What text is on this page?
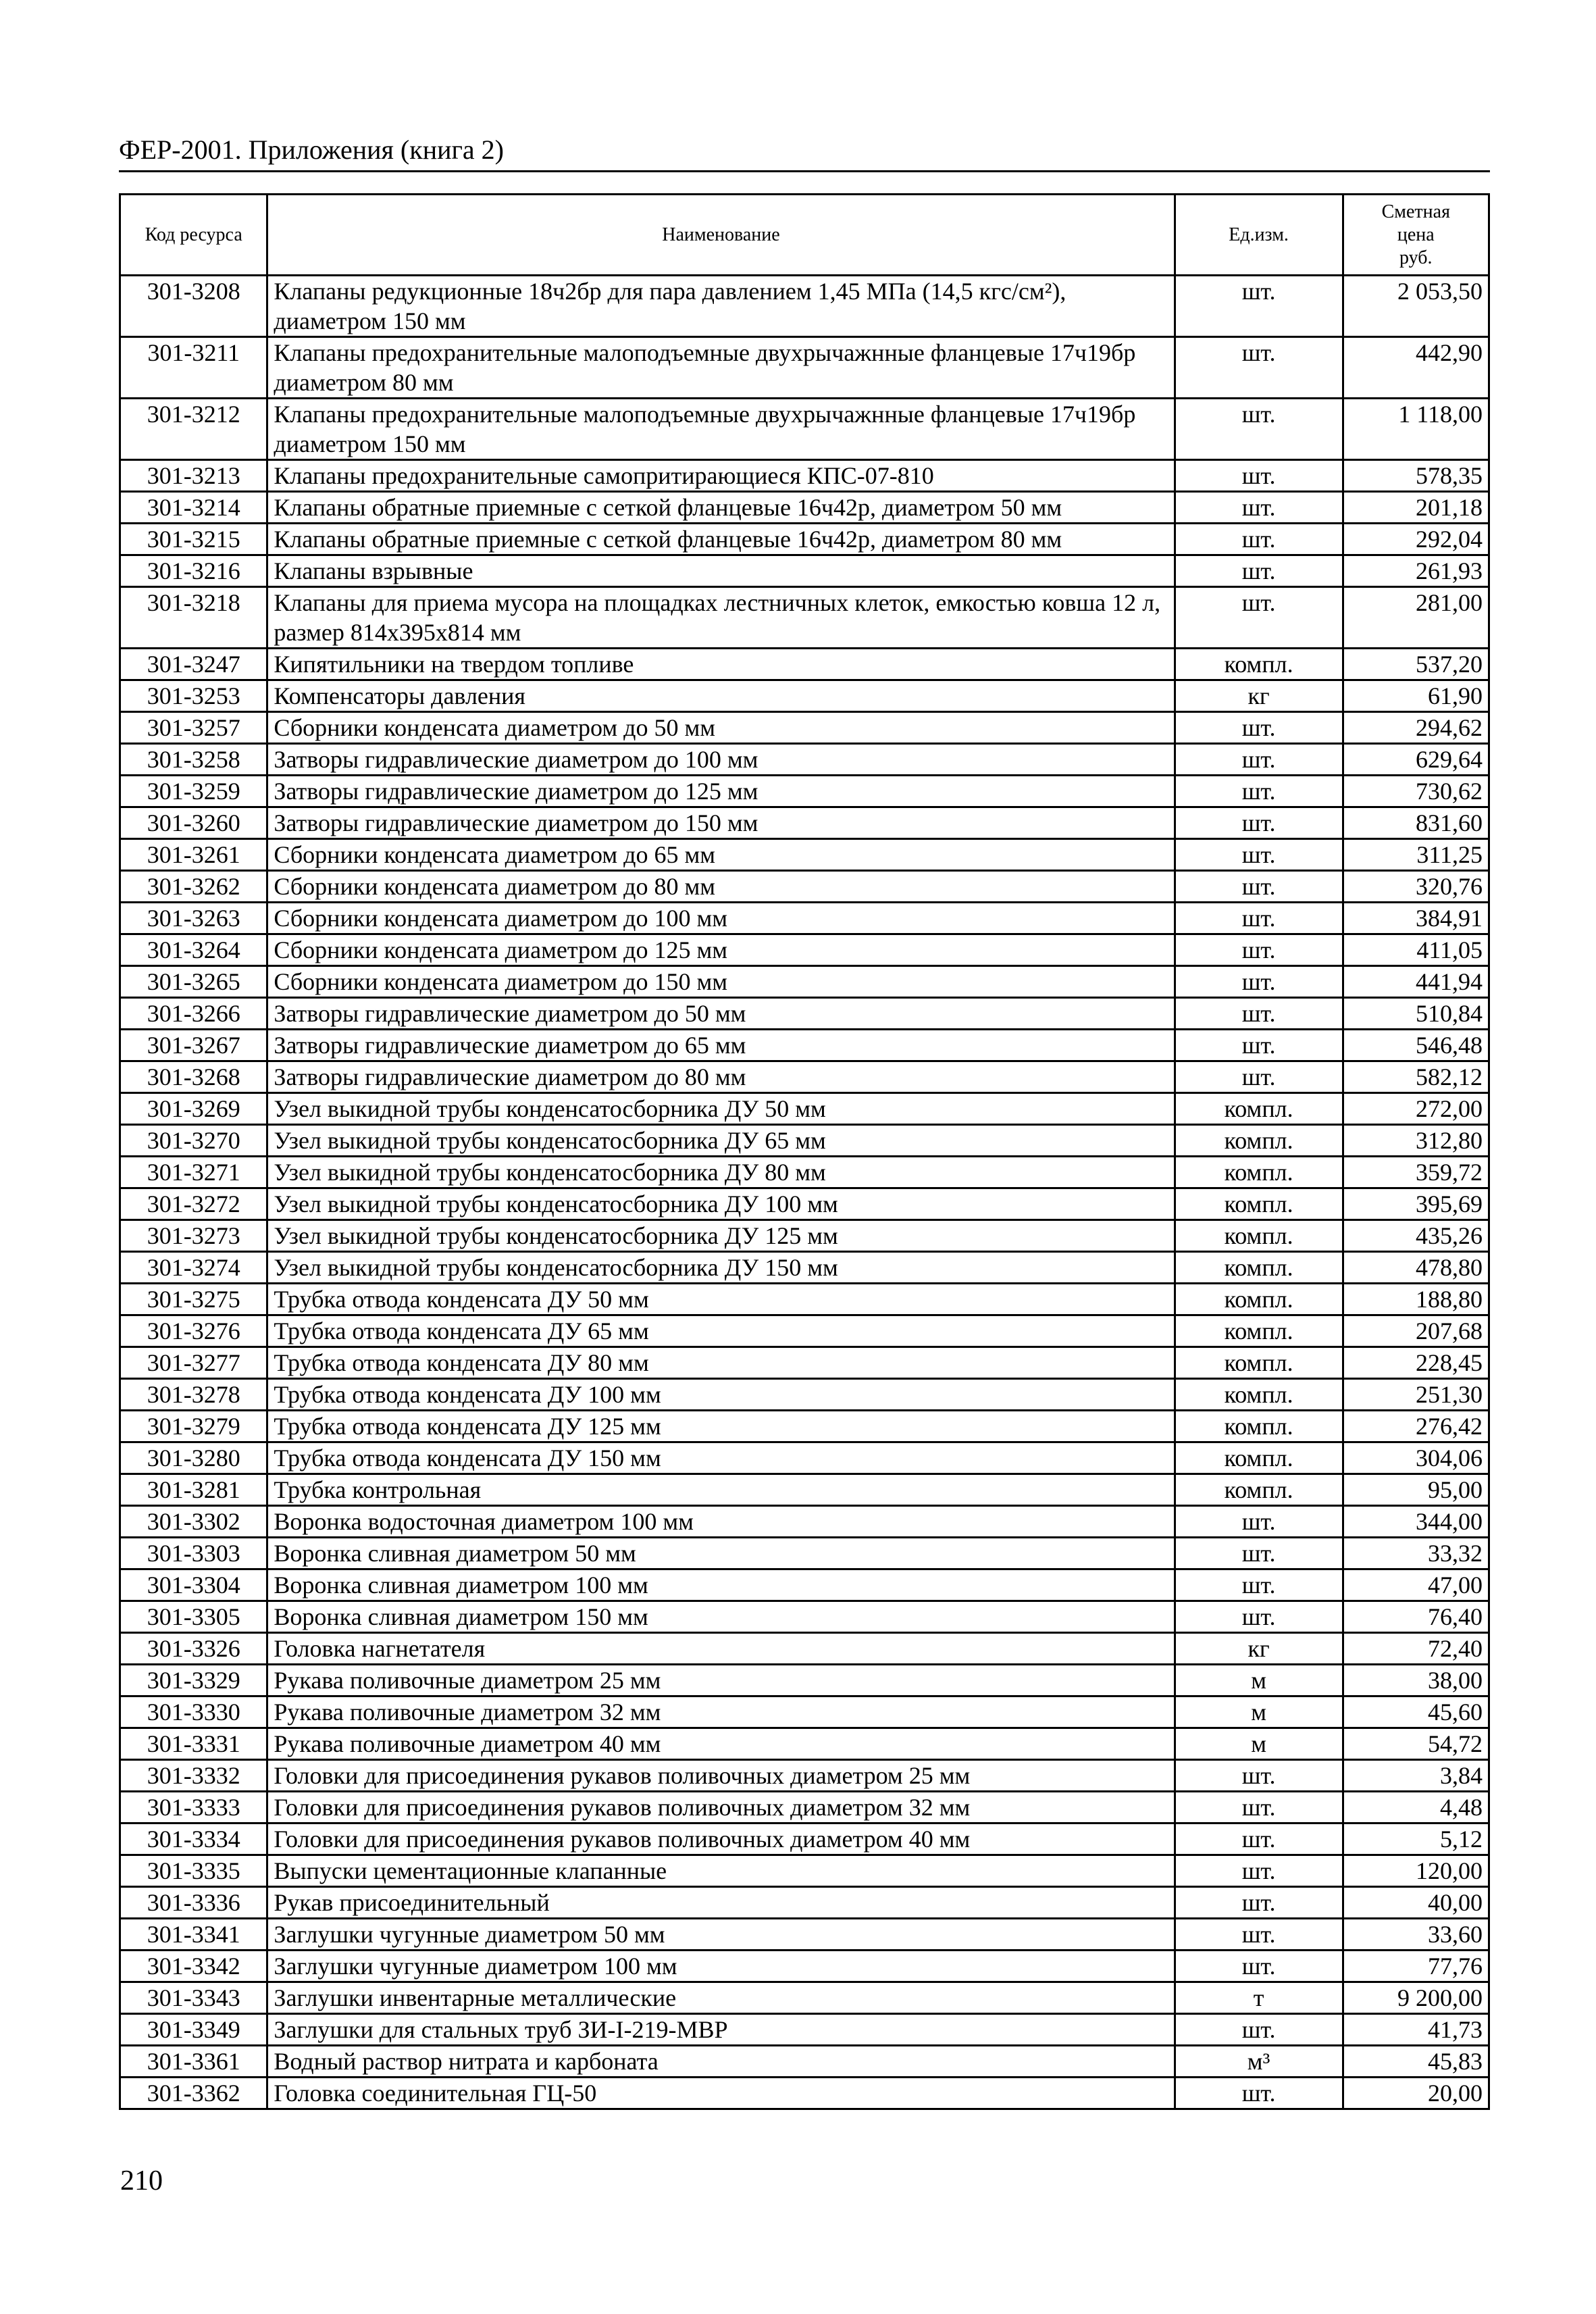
ФЕР-2001. Приложения (книга 2)
Код ресурса	Наименование	Ед.изм.	Сметная
цена
руб.

301-3208	Клапаны редукционные 18ч2бр для пара давлением 1,45 МПа (14,5 кгс/см²), диаметром 150 мм	шт.	2 053,50
301-3211	Клапаны предохранительные малоподъемные двухрычажнные фланцевые 17ч19бр диаметром 80 мм	шт.	442,90
301-3212	Клапаны предохранительные малоподъемные двухрычажнные фланцевые 17ч19бр диаметром 150 мм	шт.	1 118,00
301-3213	Клапаны предохранительные самопритирающиеся КПС-07-810	шт.	578,35
301-3214	Клапаны обратные приемные с сеткой фланцевые 16ч42р, диаметром 50 мм	шт.	201,18
301-3215	Клапаны обратные приемные с сеткой фланцевые 16ч42р, диаметром 80 мм	шт.	292,04
301-3216	Клапаны взрывные	шт.	261,93
301-3218	Клапаны для приема мусора на площадках лестничных клеток, емкостью ковша 12 л, размер 814x395x814 мм	шт.	281,00
301-3247	Кипятильники на твердом топливе	компл.	537,20
301-3253	Компенсаторы давления	кг	61,90
301-3257	Сборники конденсата диаметром до 50 мм	шт.	294,62
301-3258	Затворы гидравлические диаметром до 100 мм	шт.	629,64
301-3259	Затворы гидравлические диаметром до 125 мм	шт.	730,62
301-3260	Затворы гидравлические диаметром до 150 мм	шт.	831,60
301-3261	Сборники конденсата диаметром до 65 мм	шт.	311,25
301-3262	Сборники конденсата диаметром до 80 мм	шт.	320,76
301-3263	Сборники конденсата диаметром до 100 мм	шт.	384,91
301-3264	Сборники конденсата диаметром до 125 мм	шт.	411,05
301-3265	Сборники конденсата диаметром до 150 мм	шт.	441,94
301-3266	Затворы гидравлические диаметром до 50 мм	шт.	510,84
301-3267	Затворы гидравлические диаметром до 65 мм	шт.	546,48
301-3268	Затворы гидравлические диаметром до 80 мм	шт.	582,12
301-3269	Узел выкидной трубы конденсатосборника ДУ 50 мм	компл.	272,00
301-3270	Узел выкидной трубы конденсатосборника ДУ 65 мм	компл.	312,80
301-3271	Узел выкидной трубы конденсатосборника ДУ 80 мм	компл.	359,72
301-3272	Узел выкидной трубы конденсатосборника ДУ 100 мм	компл.	395,69
301-3273	Узел выкидной трубы конденсатосборника ДУ 125 мм	компл.	435,26
301-3274	Узел выкидной трубы конденсатосборника ДУ 150 мм	компл.	478,80
301-3275	Трубка отвода конденсата ДУ 50 мм	компл.	188,80
301-3276	Трубка отвода конденсата ДУ 65 мм	компл.	207,68
301-3277	Трубка отвода конденсата ДУ 80 мм	компл.	228,45
301-3278	Трубка отвода конденсата ДУ 100 мм	компл.	251,30
301-3279	Трубка отвода конденсата ДУ 125 мм	компл.	276,42
301-3280	Трубка отвода конденсата ДУ 150 мм	компл.	304,06
301-3281	Трубка контрольная	компл.	95,00
301-3302	Воронка водосточная диаметром 100 мм	шт.	344,00
301-3303	Воронка сливная диаметром 50 мм	шт.	33,32
301-3304	Воронка сливная диаметром 100 мм	шт.	47,00
301-3305	Воронка сливная диаметром 150 мм	шт.	76,40
301-3326	Головка нагнетателя	кг	72,40
301-3329	Рукава поливочные диаметром 25 мм	м	38,00
301-3330	Рукава поливочные диаметром 32 мм	м	45,60
301-3331	Рукава поливочные диаметром 40 мм	м	54,72
301-3332	Головки для присоединения рукавов поливочных диаметром 25 мм	шт.	3,84
301-3333	Головки для присоединения рукавов поливочных диаметром 32 мм	шт.	4,48
301-3334	Головки для присоединения рукавов поливочных диаметром 40 мм	шт.	5,12
301-3335	Выпуски цементационные клапанные	шт.	120,00
301-3336	Рукав присоединительный	шт.	40,00
301-3341	Заглушки чугунные диаметром 50 мм	шт.	33,60
301-3342	Заглушки чугунные диаметром 100 мм	шт.	77,76
301-3343	Заглушки инвентарные металлические	т	9 200,00
301-3349	Заглушки для стальных труб ЗИ-I-219-МВР	шт.	41,73
301-3361	Водный раствор нитрата и карбоната	м³	45,83
301-3362	Головка соединительная ГЦ-50	шт.	20,00
210
